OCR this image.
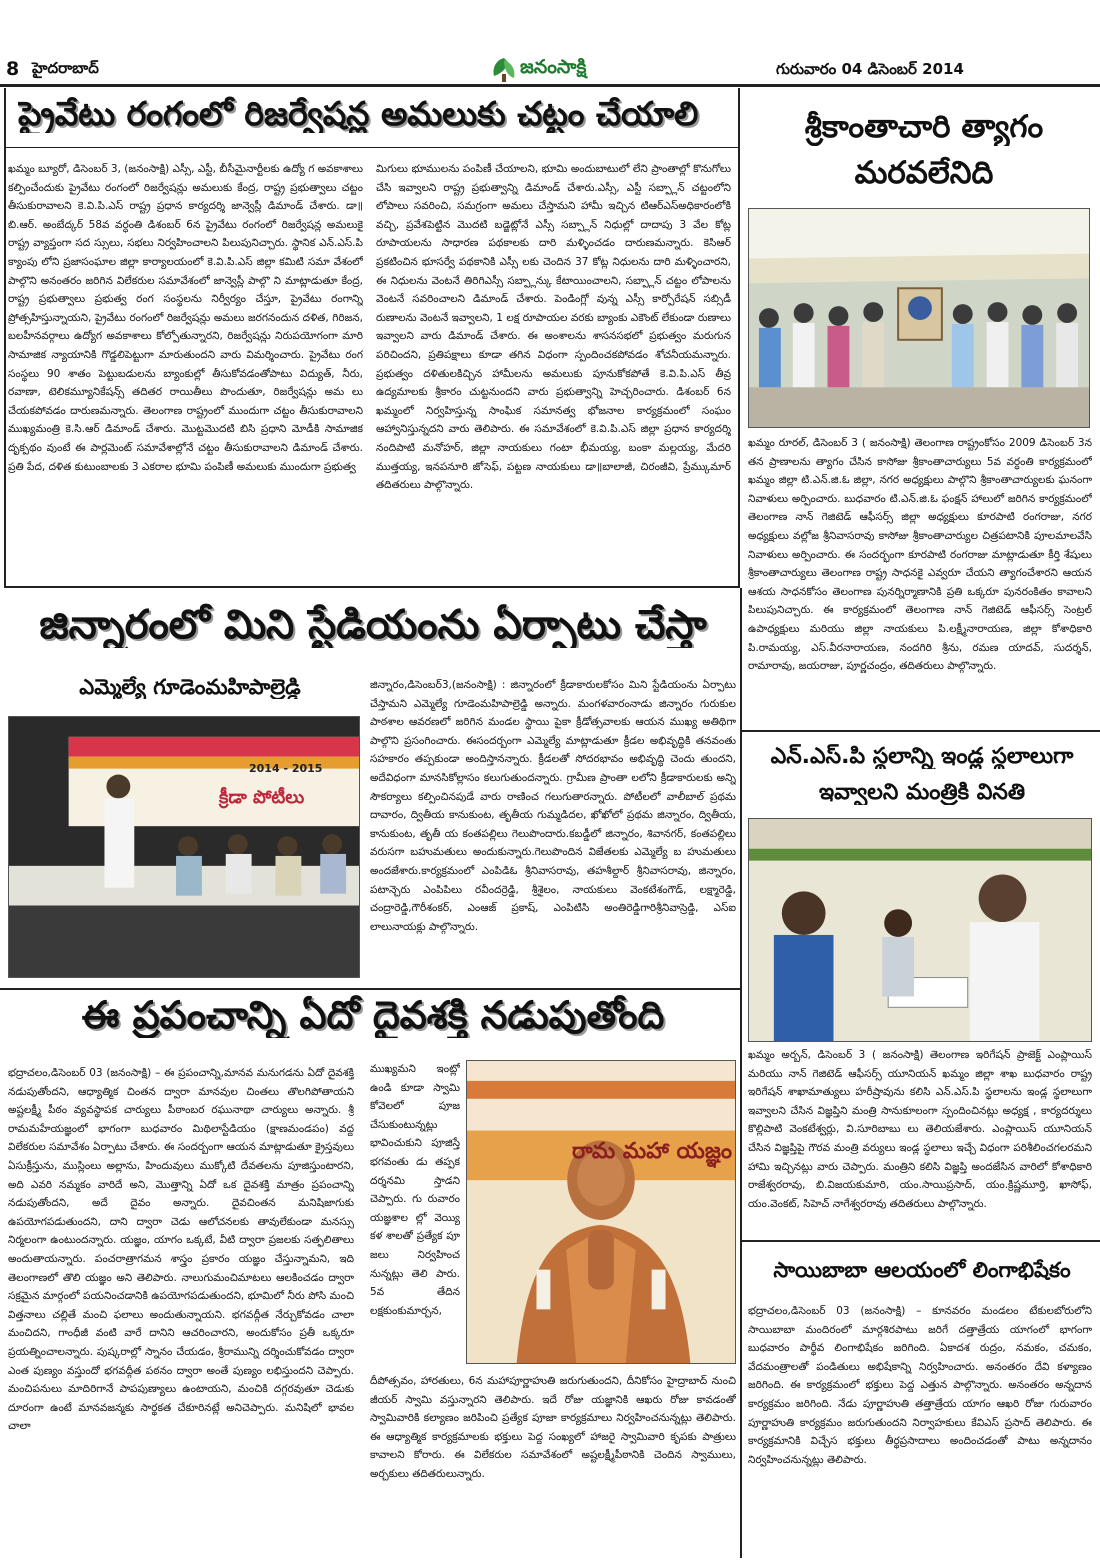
8 హైదరాబాద్	జనంసాక్షి	గురువారం 04 డిసెంబర్ 2014
ప్రైవేటు రంగంలో రిజర్వేషన్ల అమలుకు చట్టం చేయాలి
ఖమ్మం బ్యూరో, డిసెంబర్ 3, (జనంసాక్షి) ఎస్సీ, ఎస్టీ, బీసీమైనార్టీలకు ఉద్యో గ అవకాశాలు కల్పించేందుకు ప్రైవేటు రంగంలో రిజర్వేషన్లు అమలుకు కేంద్ర, రాష్ట్ర ప్రభుత్వాలు చట్టం తీసుకురావాలని కె.వి.పి.ఎస్ రాష్ట్ర ప్రధాన కార్యదర్శి జాన్వెస్లీ డిమాండ్ చేశారు. డా॥బి.ఆర్. అంబేద్కర్ 58వ వర్ధంతి డిశంబర్ 6న ప్రైవేటు రంగంలో రిజర్వేషన్ల అమలుకై రాష్ట్ర వ్యాప్తంగా సద స్సులు, సభలు నిర్వహించాలని పిలుపునిచ్చారు. స్థానిక ఎన్.ఎస్.పి క్యాంపు లోని ప్రజాసంఘాల జిల్లా కార్యాలయంలో కె.వి.పి.ఎస్ జిల్లా కమిటి సమా వేశంలో పాల్గొని అనంతరం జరిగిన విలేకరుల సమావేశంలో జాన్వెస్లీ పాల్గొ ని మాట్లాడుతూ కేంద్ర, రాష్ట్ర ప్రభుత్వాలు ప్రభుత్వ రంగ సంస్థలను నిర్వీర్యం చేస్తూ, ప్రైవేటు రంగాన్ని ప్రోత్సహిస్తున్నాయని, ప్రైవేటు రంగంలో రిజర్వేషన్లు అమలు జరగనందున దళిత, గిరిజన, బలహీనవర్గాలు ఉద్యోగ అవకాశాలు కోల్పోతున్నారని, రిజర్వేషన్లు నిరుపయోగంగా మారి సామాజిక న్యాయానికి గొడ్డలిపెట్టుగా మారుతుందని వారు విమర్శించారు. ప్రైవేటు రంగ సంస్థలు 90 శాతం పెట్టుబడులను బ్యాంకుల్లో తీసుకోవడంతోపాటు విద్యుత్, నీరు, రవాణా, టెలికమ్యూనికేషన్స్ తదితర రాయితీలు పొందుతూ, రిజర్వేషన్లు అమ లు చేయకపోవడం దారుణమన్నారు. తెలంగాణ రాష్ట్రంలో ముందుగా చట్టం తీసుకురావాలని ముఖ్యమంత్రి కె.సి.ఆర్ డిమాండ్ చేశారు. మొట్టమొదటి బిసి ప్రధాని మోడీకి సామాజిక దృక్పథం వుంటే ఈ పార్లమెంట్ సమావేశాల్లోనే చట్టం తీసుకురావాలని డిమాండ్ చేశారు. ప్రతి పేద, దళిత కుటుంబాలకు 3 ఎకరాల భూమి పంపిణీ అమలుకు ముందుగా ప్రభుత్వ
మిగులు భూములను పంపిణీ చేయాలని, భూమి అందుబాటులో లేని ప్రాంతాల్లో కొనుగోలు చేసి ఇవ్వాలని రాష్ట్ర ప్రభుత్వాన్ని డిమాండ్ చేశారు.ఎస్సీ, ఎస్టీ సబ్ప్లాన్ చట్టంలోని లోపాలు సవరించి, సమగ్రంగా అమలు చేస్తామని హామీ ఇచ్చిన టిఆర్ఎస్అధికారంలోకి వచ్చి, ప్రవేశపెట్టిన మొదటి బడ్జెట్లోనే ఎస్సీ సబ్ప్లాన్ నిధుల్లో దాదాపు 3 వేల కోట్ల రూపాయలను సాధారణ పథకాలకు దారి మళ్ళించడం దారుణమన్నారు. కెసిఆర్ ప్రకటించిన భూసర్వే పథకానికి ఎస్సీ లకు చెందిన 37 కోట్ల నిధులను దారి మళ్ళించారని, ఈ నిధులను వెంటనే తిరిగిఎస్సీ సబ్ప్లాన్కు కేటాయించాలని, సబ్ప్లాన్ చట్టం లోపాలను వెంటనే సవరించాలని డిమాండ్ చేశారు. పెండింగ్లో వున్న ఎస్సీ కార్పోరేషన్ సబ్సిడీ రుణాలను వెంటనే ఇవ్వాలని, 1 లక్ష రూపాయల వరకు బ్యాంకు ఎకౌంట్ లేకుండా రుణాలు ఇవ్వాలని వారు డిమాండ్ చేశారు. ఈ అంశాలను శాసనసభలో ప్రభుత్వం మరుగున పరిచిందని, ప్రతిపక్షాలు కూడా తగిన విధంగా స్పందించకపోవడం శోచనీయమన్నారు. ప్రభుత్వం దళితులకిచ్చిన హామీలను అమలుకు పూనుకోకపోతే కె.వి.పి.ఎస్ తీవ్ర ఉద్యమాలకు శ్రీకారం చుట్టనుందని వారు ప్రభుత్వాన్ని హెచ్చరించారు. డిశంబర్ 6న ఖమ్మంలో నిర్వహిస్తున్న సాంఘిక సమానత్వ భోజనాల కార్యక్రమంలో సంఘం ఆహ్వానిస్తున్నదని వారు తెలిపారు. ఈ సమావేశంలో కె.వి.పి.ఎస్ జిల్లా ప్రధాన కార్యదర్శి నందిపాటి మనోహర్, జిల్లా నాయకులు గంటా భీమయ్య, బంకా మల్లయ్య, మేదరి ముత్తయ్య, ఇనపనూరి జోసెఫ్, పట్టణ నాయకులు డా॥బాలాజీ, చిరంజీవి, ప్రేమ్కుమార్ తదితరులు పాల్గొన్నారు.
శ్రీకాంతాచారి త్యాగం
మరవలేనిది
ఖమ్మం రూరల్, డిసెంబర్ 3 ( జనంసాక్షి) తెలంగాణ రాష్ట్రంకోసం 2009 డిసెంబర్ 3న తన ప్రాణాలను త్యాగం చేసిన కాసోజు శ్రీకాంతాచార్యులు 5వ వర్ధంతి కార్యక్రమంలో ఖమ్మం జిల్లా టి.ఎన్.జి.ఓ జిల్లా, నగర అధ్యక్షులు పాల్గొని శ్రీకాంతాచార్యులకు ఘనంగా నివాళులు అర్పించారు. బుధవారం టి.ఎన్.జి.ఓ ఫంక్షన్ హాలులో జరిగిన కార్యక్రమంలో తెలంగాణ నాన్ గెజిటెడ్ ఆఫీసర్స్ జిల్లా అధ్యక్షులు కూరపాటి రంగరాజు, నగర అధ్యక్షులు వల్లోజ శ్రీనివాసరావు కాసోజు శ్రీకాంతాచార్యుల చిత్రపటానికి పూలమాలవేసి నివాళులు అర్పించారు. ఈ సందర్భంగా కూరపాటి రంగరాజు మాట్లాడుతూ కీర్తి శేషులు శ్రీకాంతాచార్యులు తెలంగాణ రాష్ట్ర సాధనకై ఎవ్వరూ చేయని త్యాగంచేశారని ఆయన ఆశయ సాధనకోసం తెలంగాణ పునర్నిర్మాణానికి ప్రతి ఒక్కరూ పునరంకితం కావాలని పిలుపునిచ్చారు. ఈ కార్యక్రమంలో తెలంగాణ నాన్ గెజిటెడ్ ఆఫీసర్స్ సెంట్రల్ ఉపాధ్యక్షులు మరియు జిల్లా నాయకులు పి.లక్ష్మీనారాయణ, జిల్లా కోశాధికారి పి.రామయ్య, ఎస్.వీరనారాయణ, నందగిరి శ్రీను, రమణ యాదవ్, సుదర్శన్, రామారావు, జయరాజు, పూర్ణచంద్రం, తదితరులు పాల్గొన్నారు.
జిన్నారంలో మిని స్టేడియంను ఏర్పాటు చేస్తా
ఎమ్మెల్యే గూడెంమహిపాల్రెడ్డి
క్రీడా పోటీలు
2014 - 2015
జిన్నారం,డిసెంబర్3,(జనంసాక్షి) : జిన్నారంలో క్రీడాకారులకోసం మిని స్టేడియంను ఏర్పాటు చేస్తామని ఎమ్మెల్యే గూడెంమహిపాల్రెడ్డి అన్నారు. మంగళవారంనాడు జిన్నారం గురుకుల పాఠశాల ఆవరణలో జరిగిన మండల స్థాయి పైకా క్రీడోత్సవాలకు ఆయన ముఖ్య అతిథిగా పాల్గొని ప్రసంగించారు. ఈసందర్బంగా ఎమ్మెల్యే మాట్లాడుతూ క్రీడల అభివృద్ధికి తనవంతు సహకారం తప్పకుండా అందిస్తానన్నారు. క్రీడలతో సోదరభావం అభివృద్ధి చెందు తుందని, అదేవిధంగా మానసికోల్లాసం కలుగుతుందన్నారు. గ్రామీణ ప్రాంతా లలోని క్రీడాకారులకు అన్ని సౌకర్యాలు కల్పించినపుడే వారు రాణించ గలుగుతారన్నారు. పోటీలలో వాలీబాల్ ప్రథమ దావారం, ద్వితీయ కానుకుంట, తృతీయ గుమ్మడిదల, ఖోఖోలో ప్రథమ జిన్నారం, ద్వితీయ, కానుకుంట, తృతీ య కంతపల్లిలు గెలుపొందారు.కబడ్డీలో జిన్నారం, శివానగర్, కంతపల్లిలు వరుసగా బహుమతులు అందుకున్నారు.గెలుపొందిన విజేతలకు ఎమ్మెల్యే బ హుమతులు అందజేశారు.కార్యక్రమంలో ఎంపిడిఓ శ్రీనివాసరావు, తహశీల్దార్ శ్రీనివాసరావు, జిన్నారం, పటాన్చెరు ఎంపిపిలు రవీందర్రెడ్డి, శ్రీశైలం, నాయకులు వెంకటేశంగౌడ్, లక్ష్మారెడ్డి, చంద్రారెడ్డి,గౌరీశంకర్, ఎంఆజ్ ప్రకాష్, ఎంపిటిసి అంతిరెడ్డిగారిశ్రీనివాస్రెడ్డి, ఎస్ఐ లాలునాయక్లు పాల్గొన్నారు.
ఎన్.ఎస్.పి స్థలాన్ని ఇండ్ల స్థలాలుగా
ఇవ్వాలని మంత్రికి వినతి
ఖమ్మం అర్బన్, డిసెంబర్ 3 ( జనంసాక్షి) తెలంగాణ ఇరిగేషన్ ప్రాజెక్ట్ ఎంప్లాయిస్ మరియు నాన్ గెజిటెడ్ ఆఫీసర్స్ యూనియన్ ఖమ్మం జిల్లా శాఖ బుధవారం రాష్ట్ర ఇరిగేషన్ శాఖామాత్యులు హరీష్రావును కలిసి ఎన్.ఎస్.పి స్థలాలను ఇండ్ల స్థలాలుగా ఇవ్వాలని చేసిన విజ్ఞప్తిని మంత్రి సానుకూలంగా స్పందించినట్లు అధ్యక్ష , కార్యదర్శులు కొల్లిపాటి వెంకటేశ్వర్లు, వి.సూరిబాబు లు తెలియజేశారు. ఎంప్లాయిస్ యూనియన్ చేసిన విజ్ఞప్తిపై గౌరవ మంత్రి వర్యులు ఇండ్ల స్థలాలు ఇచ్చే విధంగా పరిశీలించగలరమని హామి ఇచ్చినట్లు వారు చెప్పారు. మంత్రిని కలిసి విజ్ఞప్తి అందజేసిన వారిలో కోశాధికారి రాజేశ్వరరావు, బి.విజయకుమారి, యం.సాయిప్రసాద్, యం.క్రిష్ణమూర్తి, ఖాసోఫ్, యం.వెంకట్, సిహెచ్ నాగేశ్వరరావు తదితరులు పాల్గొన్నారు.
సాయిబాబా ఆలయంలో లింగాభిషేకం
భద్రాచలం,డిసెంబర్ 03 (జనంసాక్షి) – కూనవరం మండలం టేకులబోరులోని సాయిబాబా మందిరంలో మార్గశిరపాటు జరిగే దత్తాత్రేయ యాగంలో భాగంగా బుధవారం పార్థీవ లింగాభిషేకం జరిగింది. ఏకాదశ రుద్రం, నమకం, చమకం, వేదమంత్రాలతో పండితులు అభిషేకాన్ని నిర్వహించారు. అనంతరం దేవి కళ్యాణం జరిగింది. ఈ కార్యక్రమంలో భక్తులు పెద్ద ఎత్తున పాల్గొన్నారు. అనంతరం అన్నదాన కార్యక్రమం జరిగింది. నేడు పూర్ణాహుతి తత్తాత్రేయ యాగం ఆఖరి రోజు గురువారం పూర్ణాహుతి కార్యక్రమం జరుగుతుందని నిర్వాహకులు కేవిఎస్ ప్రసాద్ తెలిపారు. ఈ కార్యక్రమానికి విచ్చేస భక్తులు తీర్థప్రసాదాలు అందించడంతో పాటు అన్నదానం నిర్వహించనున్నట్లు తెలిపారు.
ఈ ప్రపంచాన్ని ఏదో దైవశక్తి నడుపుతోంది
భద్రాచలం,డిసెంబర్ 03 (జనంసాక్షి) – ఈ ప్రపంచాన్ని,మానవ మనుగడను ఏదో దైవశక్తి నడుపుతోందని, ఆధ్యాత్మిక చింతన ద్వారా మానవుల చింతలు తొలగిపోతాయని అష్టలక్ష్మీ పీఠం వ్యవస్థాపక చార్యులు పీఠాంబర రఘునాథా చార్యులు అన్నారు. శ్రీ రామమహేయజ్ఞంలో భాగంగా బుధవారం మిథిలాస్టేడియం (క్షాణమండపం) వద్ద విలేకరుల సమావేశం ఏర్పాటు చేశారు. ఈ సందర్బంగా ఆయన మాట్లాడుతూ క్రైస్తవులు ఏసుక్రీస్తును, ముస్లింలు అల్లాను, హిందువులు ముక్కోటి దేవతలను పూజిస్తుంటారని, అది ఎవరి నమ్మకం వారిదే అని, మొత్తాన్ని ఏదో ఒక దైవశక్తి మాత్రం ప్రపంచాన్ని నడుపుతోందని, అదే దైవం అన్నారు. దైవచింతన మనిషిజాగుకు ఉపయోగపడుతుందని, దాని ద్వారా చెడు ఆలోచనలకు తావులేకుండా మనస్సు నిర్మలంగా ఉంటుందన్నారు. యజ్ఞం, యాగం ఒక్కటే, వీటి ద్వారా ప్రజలకు సత్ఫలితాలు అందుతాయన్నారు. పంచరాత్రాగమన శాస్త్రం ప్రకారం యజ్ఞం చేస్తున్నామని, ఇది తెలంగాణలో తొలి యజ్ఞం అని తెలిపారు. నాలుగుమంచిమాటలు ఆలకించడం ద్వారా సక్రమైన మార్గంలో పయనించడానికి ఉపయోగపడుతుందని, భూమిలో నీరు పోసి మంచి విత్తనాలు చల్లితే మంచి ఫలాలు అందుతున్నాయని. భగవద్గీత నేర్చుకోవడం చాలా మంచిదని, గాంధీజీ వంటి వారే దానిని ఆచరించారని, అందుకోసం ప్రతీ ఒక్కరూ ప్రయత్నించాలన్నారు. పుష్కరాల్లో స్నానం చేయడం, శ్రీరామున్ని దర్శించుకోవడం ద్వారా ఎంత పుణ్యం వస్తుందో భగవద్గీత పఠనం ద్వారా అంతే పుణ్యం లభిస్తుందని చెప్పారు. మంచిపనులు మాదిరిగానే పాపపుణ్యాలు ఉంటాయని, మంచికి దగ్గరవుతూ చెడుకు దూరంగా ఉంటే మానవజన్మకు సార్థకత చేకూరినట్లే అనిచెప్పారు. మనిషిలో భావల చాలా
ముఖ్యమని ఇంట్లో ఉండి కూడా స్వామి కోవెలలో పూజ చేసుకుంటున్నట్లు భావించుకుని పూజిస్తే భగవంతు డు తప్పక దర్శనమి స్తాడని చెప్పారు. గు రువారం యజ్ఞశాల ల్లో వెయ్యి కళ శాలతో ప్రత్యేక పూ జలు నిర్వహించ నున్నట్లు తెలి పారు. 5వ తేదిన లక్షకుంకుమార్చన,
రామ మహా యజ్ఞం
దీపోత్సవం, హారతులు, 6న మహాపూర్ణాహుతి జరుగుతుందని, దీనికోసం హైద్రాబాద్ నుంచి జీయర్ స్వామి వస్తున్నారని తెలిపారు. ఇదే రోజు యజ్ఞానికి ఆఖరు రోజు కావడంతో స్వామివారికి కల్యాణం జరిపించి ప్రత్యేక పూజా కార్యక్రమాలు నిర్వహించనున్నట్లు తెలిపారు. ఈ ఆధ్యాత్మిక కార్యక్రమాలకు భక్తులు పెద్ద సంఖ్యలో హాజరై స్వామివారి కృపకు పాత్రులు కావాలని కోరారు. ఈ విలేకరుల సమావేశంలో అష్టలక్ష్మీపీఠానికి చెందిన స్వాములు, అర్చకులు తదితరులున్నారు.
